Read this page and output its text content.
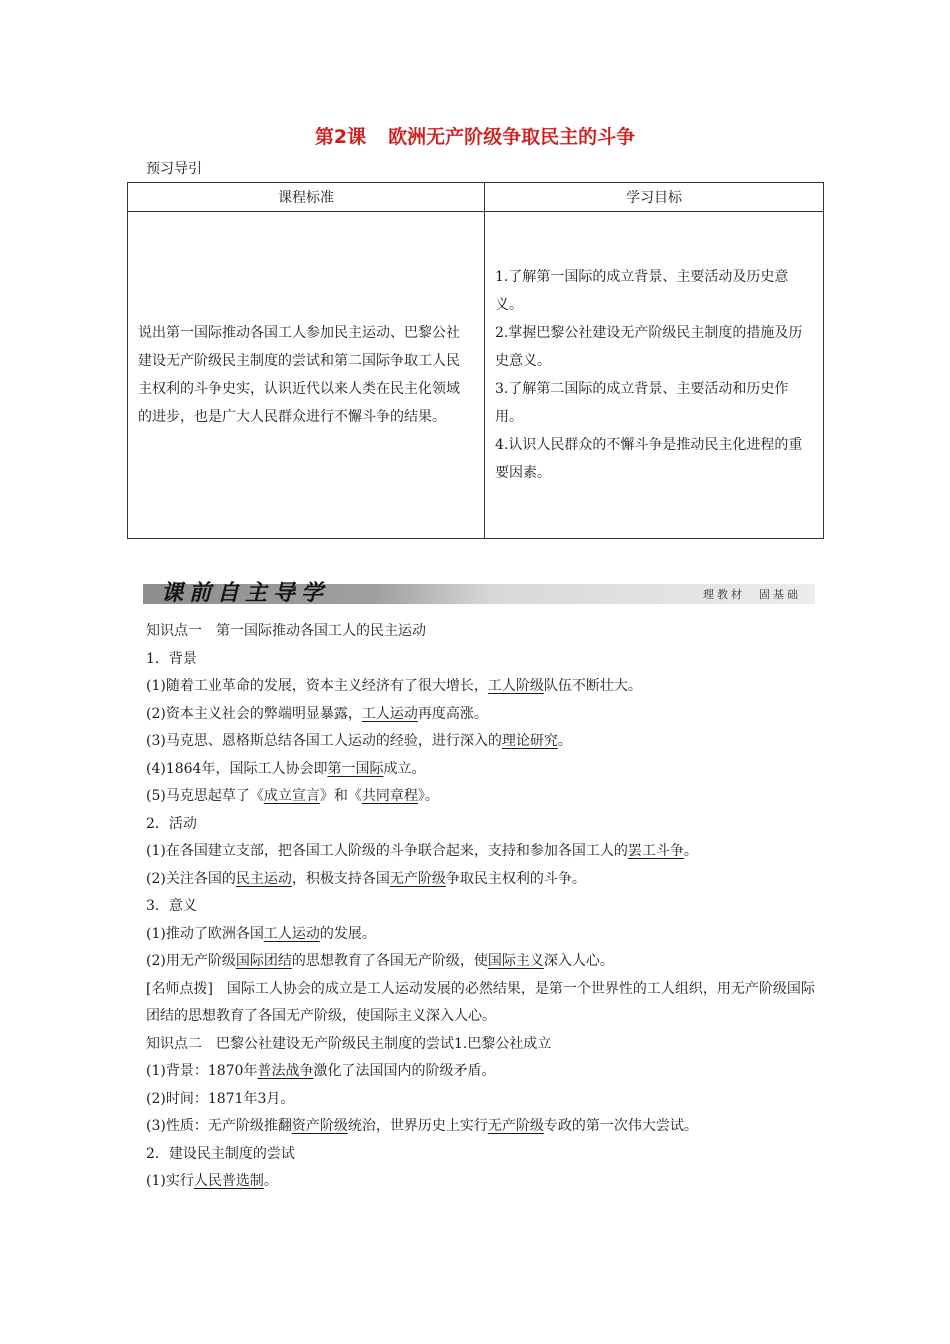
第2课 欧洲无产阶级争取民主的斗争
预习导引
课程标准	学习目标
说出第一国际推动各国工人参加民主运动、巴黎公社建设无产阶级民主制度的尝试和第二国际争取工人民主权利的斗争史实，认识近代以来人类在民主化领域的进步，也是广大人民群众进行不懈斗争的结果。	1.了解第一国际的成立背景、主要活动及历史意义。
2.掌握巴黎公社建设无产阶级民主制度的措施及历史意义。
3.了解第二国际的成立背景、主要活动和历史作用。
4.认识人民群众的不懈斗争是推动民主化进程的重要因素。
课前自主导学	理教材　固基础

知识点一　第一国际推动各国工人的民主运动

1．背景

(1)随着工业革命的发展，资本主义经济有了很大增长，工人阶级队伍不断壮大。

(2)资本主义社会的弊端明显暴露，工人运动再度高涨。

(3)马克思、恩格斯总结各国工人运动的经验，进行深入的理论研究。

(4)1864年，国际工人协会即第一国际成立。

(5)马克思起草了《成立宣言》和《共同章程》。

2．活动

(1)在各国建立支部，把各国工人阶级的斗争联合起来，支持和参加各国工人的罢工斗争。

(2)关注各国的民主运动，积极支持各国无产阶级争取民主权利的斗争。

3．意义

(1)推动了欧洲各国工人运动的发展。

(2)用无产阶级国际团结的思想教育了各国无产阶级，使国际主义深入人心。

[名师点拨]　国际工人协会的成立是工人运动发展的必然结果，是第一个世界性的工人组织，用无产阶级国际团结的思想教育了各国无产阶级，使国际主义深入人心。

知识点二　巴黎公社建设无产阶级民主制度的尝试1.巴黎公社成立

(1)背景：1870年普法战争激化了法国国内的阶级矛盾。

(2)时间：1871年3月。

(3)性质：无产阶级推翻资产阶级统治，世界历史上实行无产阶级专政的第一次伟大尝试。

2．建设民主制度的尝试

(1)实行人民普选制。
